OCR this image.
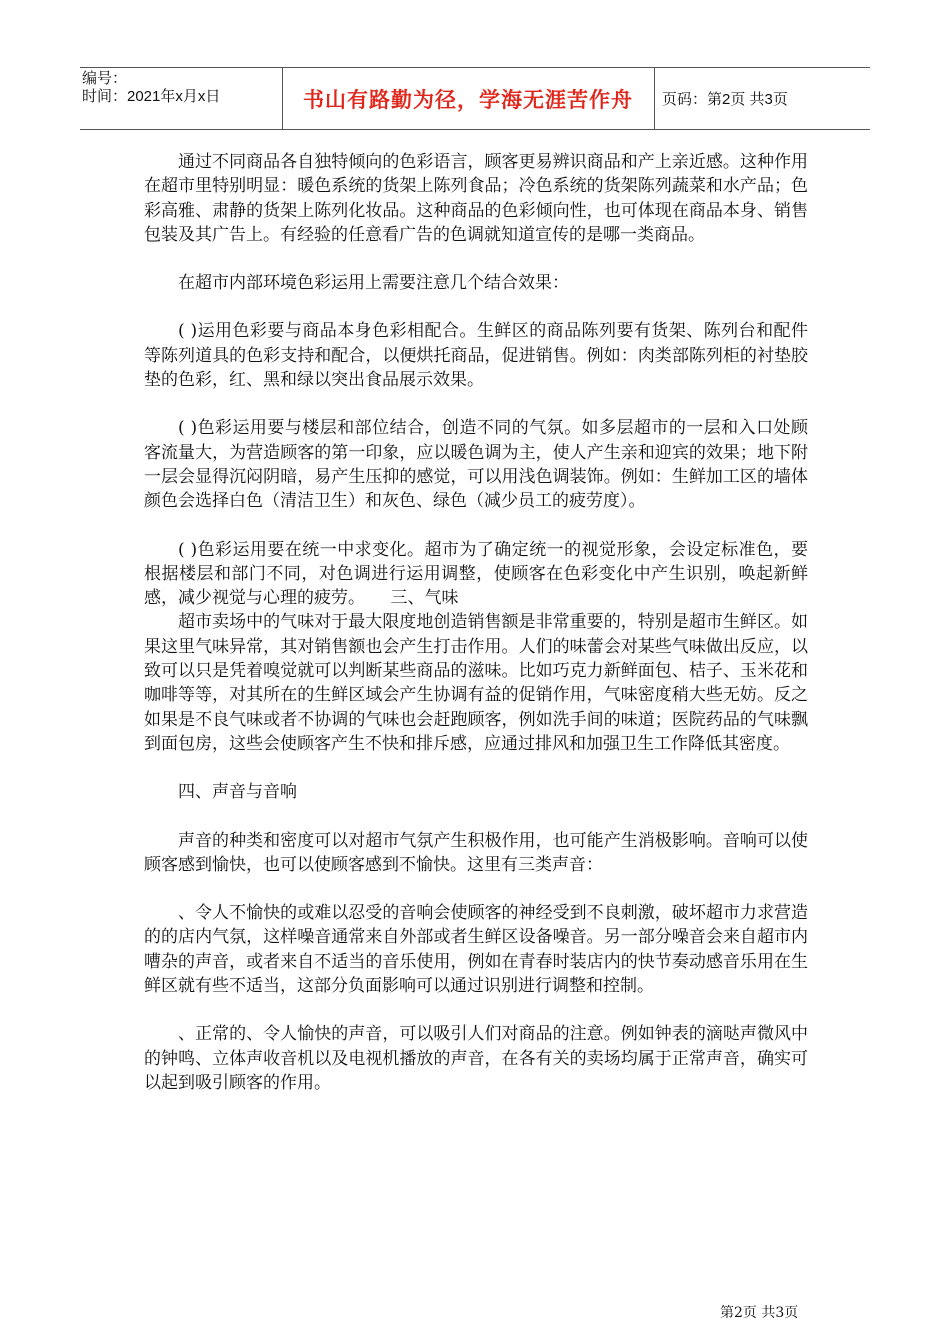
编号：
时间：2021年x月x日	书山有路勤为径，学海无涯苦作舟	页码：第2页 共3页

通过不同商品各自独特倾向的色彩语言，顾客更易辨识商品和产上亲近感。这种作用在超市里特别明显：暖色系统的货架上陈列食品；冷色系统的货架陈列蔬菜和水产品；色彩高雅、肃静的货架上陈列化妆品。这种商品的色彩倾向性，也可体现在商品本身、销售包装及其广告上。有经验的任意看广告的色调就知道宣传的是哪一类商品。

在超市内部环境色彩运用上需要注意几个结合效果：

( )运用色彩要与商品本身色彩相配合。生鲜区的商品陈列要有货架、陈列台和配件等陈列道具的色彩支持和配合，以便烘托商品，促进销售。例如：肉类部陈列柜的衬垫胶垫的色彩，红、黑和绿以突出食品展示效果。

( )色彩运用要与楼层和部位结合，创造不同的气氛。如多层超市的一层和入口处顾客流量大，为营造顾客的第一印象，应以暖色调为主，使人产生亲和迎宾的效果；地下附一层会显得沉闷阴暗，易产生压抑的感觉，可以用浅色调装饰。例如：生鲜加工区的墙体颜色会选择白色（清洁卫生）和灰色、绿色（减少员工的疲劳度）。

( )色彩运用要在统一中求变化。超市为了确定统一的视觉形象，会设定标准色，要根据楼层和部门不同，对色调进行运用调整，使顾客在色彩变化中产生识别，唤起新鲜感，减少视觉与心理的疲劳。　　三、气味

超市卖场中的气味对于最大限度地创造销售额是非常重要的，特别是超市生鲜区。如果这里气味异常，其对销售额也会产生打击作用。人们的味蕾会对某些气味做出反应，以致可以只是凭着嗅觉就可以判断某些商品的滋味。比如巧克力新鲜面包、桔子、玉米花和咖啡等等，对其所在的生鲜区域会产生协调有益的促销作用，气味密度稍大些无妨。反之如果是不良气味或者不协调的气味也会赶跑顾客，例如洗手间的味道；医院药品的气味飘到面包房，这些会使顾客产生不快和排斥感，应通过排风和加强卫生工作降低其密度。

四、声音与音响

声音的种类和密度可以对超市气氛产生积极作用，也可能产生消极影响。音响可以使顾客感到愉快，也可以使顾客感到不愉快。这里有三类声音：

、令人不愉快的或难以忍受的音响会使顾客的神经受到不良刺激，破坏超市力求营造的的店内气氛，这样噪音通常来自外部或者生鲜区设备噪音。另一部分噪音会来自超市内嘈杂的声音，或者来自不适当的音乐使用，例如在青春时装店内的快节奏动感音乐用在生鲜区就有些不适当，这部分负面影响可以通过识别进行调整和控制。

、正常的、令人愉快的声音，可以吸引人们对商品的注意。例如钟表的滴哒声微风中的钟鸣、立体声收音机以及电视机播放的声音，在各有关的卖场均属于正常声音，确实可以起到吸引顾客的作用。

第2页 共3页
